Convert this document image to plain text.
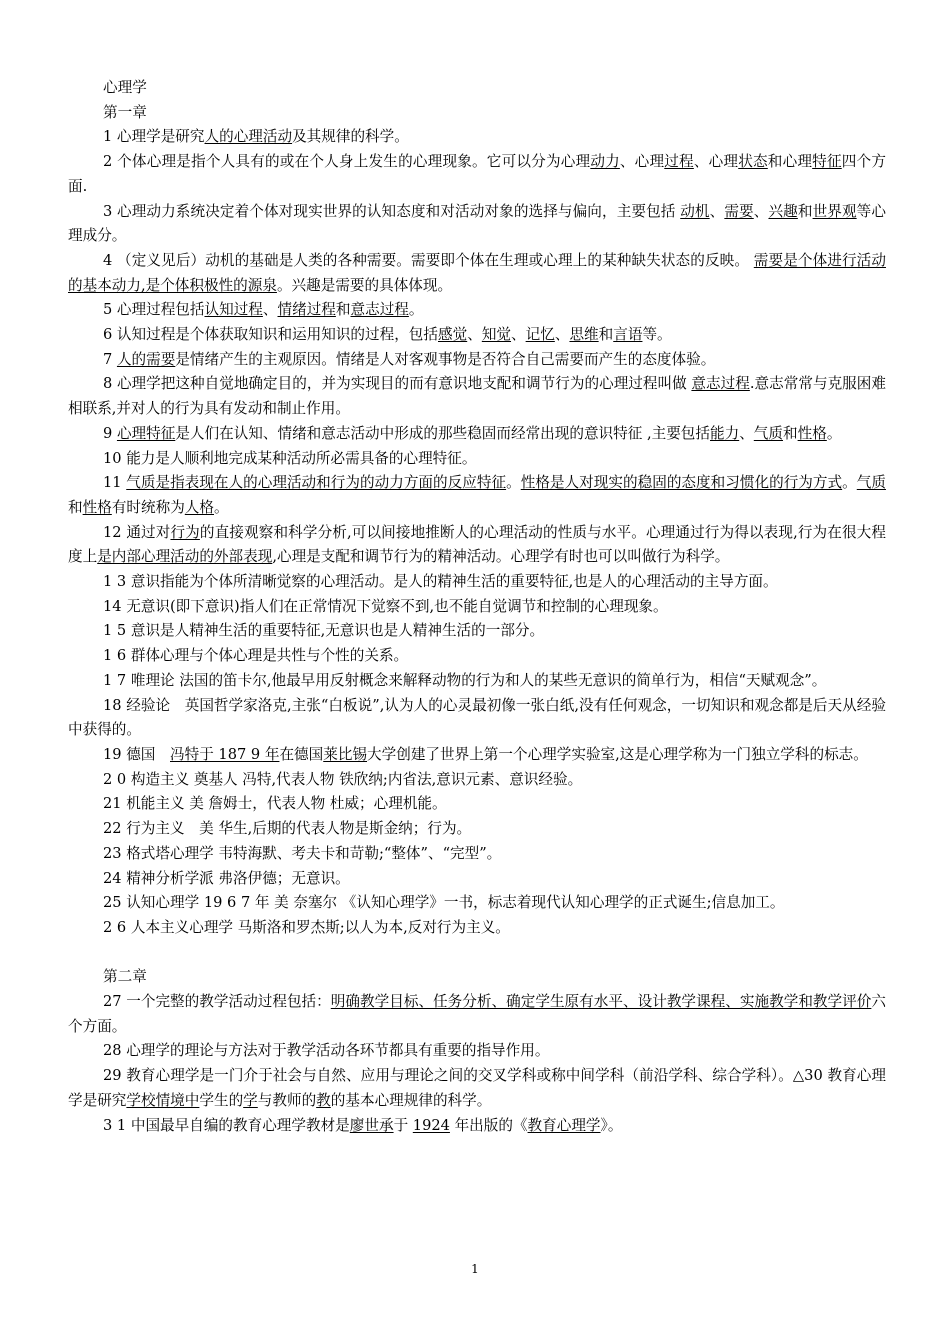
心理学

第一章

1 心理学是研究人的心理活动及其规律的科学。

2 个体心理是指个人具有的或在个人身上发生的心理现象。它可以分为心理动力、心理过程、心理状态和心理特征四个方面.

3 心理动力系统决定着个体对现实世界的认知态度和对活动对象的选择与偏向，主要包括 动机、需要、兴趣和世界观等心理成分。

4 （定义见后）动机的基础是人类的各种需要。需要即个体在生理或心理上的某种缺失状态的反映。 需要是个体进行活动的基本动力,是个体积极性的源泉。兴趣是需要的具体体现。

5 心理过程包括认知过程、情绪过程和意志过程。

6 认知过程是个体获取知识和运用知识的过程，包括感觉、知觉、记忆、思维和言语等。

7 人的需要是情绪产生的主观原因。情绪是人对客观事物是否符合自己需要而产生的态度体验。

8 心理学把这种自觉地确定目的，并为实现目的而有意识地支配和调节行为的心理过程叫做 意志过程.意志常常与克服困难相联系,并对人的行为具有发动和制止作用。

9 心理特征是人们在认知、情绪和意志活动中形成的那些稳固而经常出现的意识特征 ,主要包括能力、气质和性格。

10 能力是人顺利地完成某种活动所必需具备的心理特征。

11 气质是指表现在人的心理活动和行为的动力方面的反应特征。性格是人对现实的稳固的态度和习惯化的行为方式。气质和性格有时统称为人格。

12 通过对行为的直接观察和科学分析,可以间接地推断人的心理活动的性质与水平。心理通过行为得以表现,行为在很大程度上是内部心理活动的外部表现,心理是支配和调节行为的精神活动。心理学有时也可以叫做行为科学。

1 3 意识指能为个体所清晰觉察的心理活动。是人的精神生活的重要特征,也是人的心理活动的主导方面。

14 无意识(即下意识)指人们在正常情况下觉察不到,也不能自觉调节和控制的心理现象。

1 5 意识是人精神生活的重要特征,无意识也是人精神生活的一部分。

1 6 群体心理与个体心理是共性与个性的关系。

1 7 唯理论 法国的笛卡尔,他最早用反射概念来解释动物的行为和人的某些无意识的简单行为，相信“天赋观念”。

18 经验论　英国哲学家洛克,主张“白板说”,认为人的心灵最初像一张白纸,没有任何观念，一切知识和观念都是后天从经验中获得的。

19 德国　冯特于 187 9 年在德国莱比锡大学创建了世界上第一个心理学实验室,这是心理学称为一门独立学科的标志。

2 0 构造主义 奠基人 冯特,代表人物 铁欣纳;内省法,意识元素、意识经验。

21 机能主义 美 詹姆士，代表人物 杜威；心理机能。

22 行为主义　美 华生,后期的代表人物是斯金纳；行为。

23 格式塔心理学 韦特海默、考夫卡和苛勒;“整体”、“完型”。

24 精神分析学派 弗洛伊德；无意识。

25 认知心理学 19 6 7 年 美 奈塞尔 《认知心理学》一书，标志着现代认知心理学的正式诞生;信息加工。

2 6 人本主义心理学 马斯洛和罗杰斯;以人为本,反对行为主义。

第二章

27 一个完整的教学活动过程包括：明确教学目标、任务分析、确定学生原有水平、设计教学课程、实施教学和教学评价六个方面。

28 心理学的理论与方法对于教学活动各环节都具有重要的指导作用。

29 教育心理学是一门介于社会与自然、应用与理论之间的交叉学科或称中间学科（前沿学科、综合学科）。△30 教育心理学是研究学校情境中学生的学与教师的教的基本心理规律的科学。

3 1 中国最早自编的教育心理学教材是廖世承于 1924 年出版的《教育心理学》。

1
